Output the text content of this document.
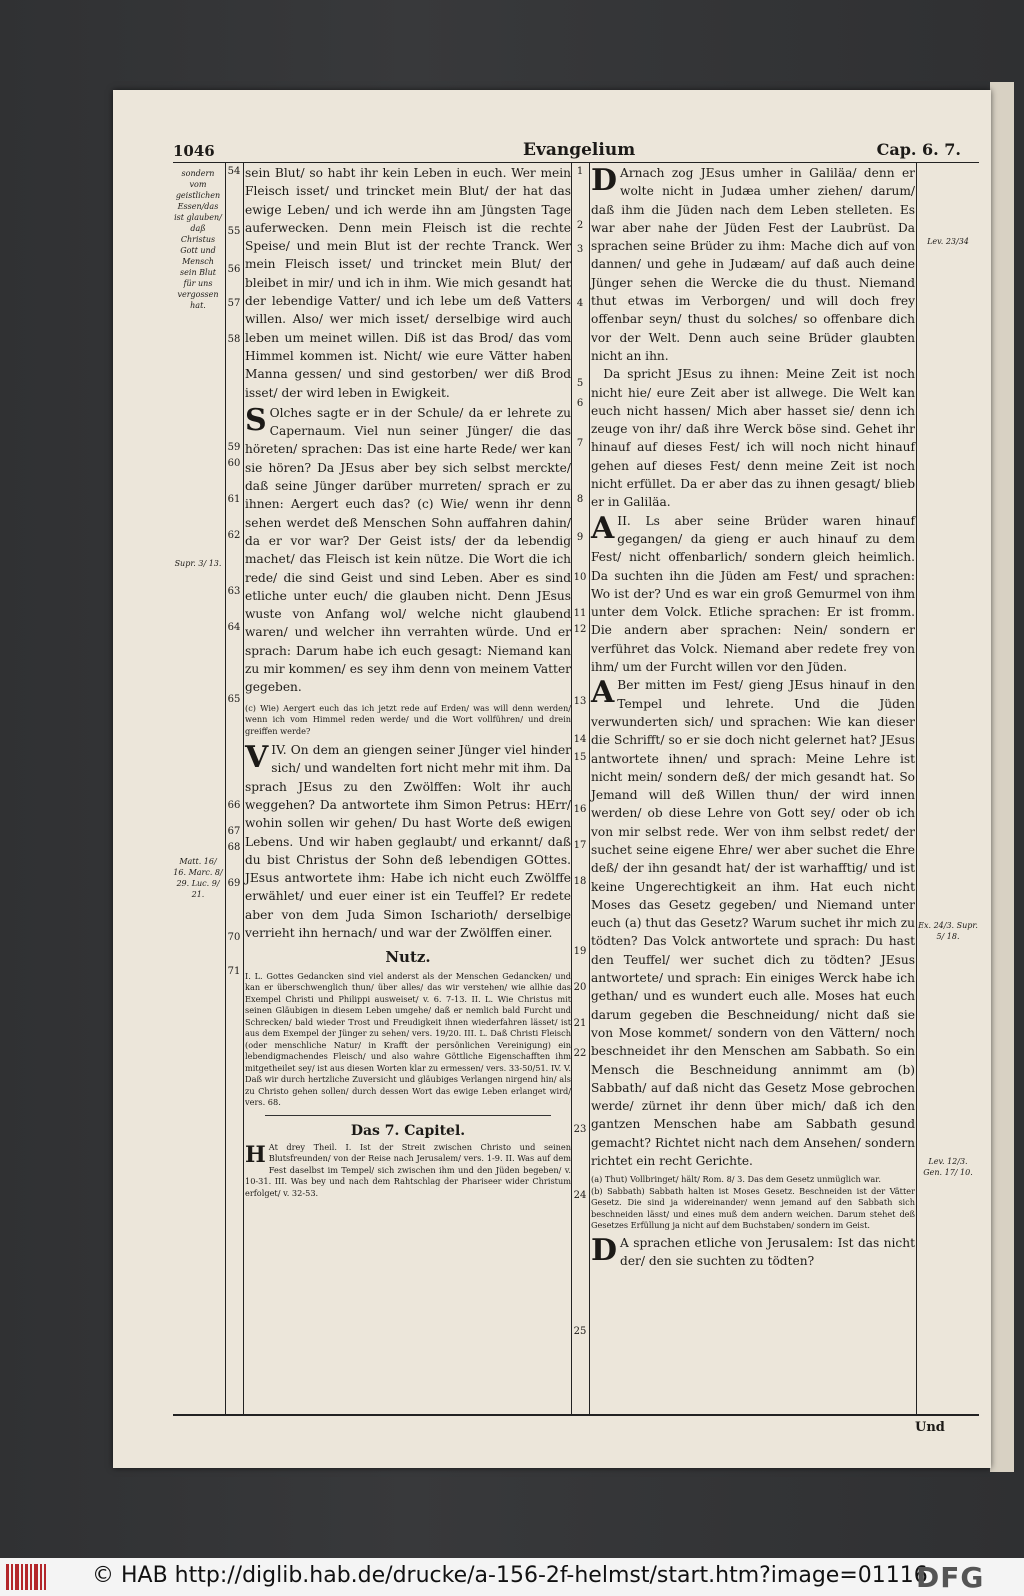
1046	Evangelium	Cap. 6. 7.
sondern vom geistlichen Essen/das ist glauben/ daß Christus Gott und Mensch sein Blut für uns vergossen hat.
Supr. 3/ 13.
Matt. 16/ 16. Marc. 8/ 29. Luc. 9/ 21.
Lev. 23/34
Ex. 24/3. Supr. 5/ 18.
Lev. 12/3. Gen. 17/ 10.
54
55
56
57
58
59
60
61
62
63
64
65
66
67
68
69
70
71
1
2
3
4
5
6
7
8
9
10
11
12
13
14
15
16
17
18
19
20
21
22
23
24
25

sein Blut/ so habt ihr kein Leben in euch. Wer mein Fleisch isset/ und trincket mein Blut/ der hat das ewige Leben/ und ich werde ihn am Jüngsten Tage auferwecken. Denn mein Fleisch ist die rechte Speise/ und mein Blut ist der rechte Tranck. Wer mein Fleisch isset/ und trincket mein Blut/ der bleibet in mir/ und ich in ihm. Wie mich gesandt hat der lebendige Vatter/ und ich lebe um deß Vatters willen. Also/ wer mich isset/ derselbige wird auch leben um meinet willen. Diß ist das Brod/ das vom Himmel kommen ist. Nicht/ wie eure Vätter haben Manna gessen/ und sind gestorben/ wer diß Brod isset/ der wird leben in Ewigkeit.

S Olches sagte er in der Schule/ da er lehrete zu Capernaum. Viel nun seiner Jünger/ die das höreten/ sprachen: Das ist eine harte Rede/ wer kan sie hören? Da JEsus aber bey sich selbst merckte/ daß seine Jünger darüber murreten/ sprach er zu ihnen: Aergert euch das? (c) Wie/ wenn ihr denn sehen werdet deß Menschen Sohn auffahren dahin/ da er vor war? Der Geist ists/ der da lebendig machet/ das Fleisch ist kein nütze. Die Wort die ich rede/ die sind Geist und sind Leben. Aber es sind etliche unter euch/ die glauben nicht. Denn JEsus wuste von Anfang wol/ welche nicht glaubend waren/ und welcher ihn verrahten würde. Und er sprach: Darum habe ich euch gesagt: Niemand kan zu mir kommen/ es sey ihm denn von meinem Vatter gegeben.

(c) Wie) Aergert euch das ich jetzt rede auf Erden/ was will denn werden/ wenn ich vom Himmel reden werde/ und die Wort vollführen/ und drein greiffen werde?

IV.
V On dem an giengen seiner Jünger viel hinder sich/ und wandelten fort nicht mehr mit ihm. Da sprach JEsus zu den Zwölffen: Wolt ihr auch weggehen? Da antwortete ihm Simon Petrus: HErr/ wohin sollen wir gehen/ Du hast Worte deß ewigen Lebens. Und wir haben geglaubt/ und erkannt/ daß du bist Christus der Sohn deß lebendigen GOttes. JEsus antwortete ihm: Habe ich nicht euch Zwölffe erwählet/ und euer einer ist ein Teuffel? Er redete aber von dem Juda Simon Ischarioth/ derselbige verrieht ihn hernach/ und war der Zwölffen einer.

Nutz.

I. L. Gottes Gedancken sind viel anderst als der Menschen Gedancken/ und kan er überschwenglich thun/ über alles/ das wir verstehen/ wie allhie das Exempel Christi und Philippi ausweiset/ v. 6. 7-13. II. L. Wie Christus mit seinen Gläubigen in diesem Leben umgehe/ daß er nemlich bald Furcht und Schrecken/ bald wieder Trost und Freudigkeit ihnen wiederfahren lässet/ ist aus dem Exempel der Jünger zu sehen/ vers. 19/20. III. L. Daß Christi Fleisch (oder menschliche Natur/ in Krafft der persönlichen Vereinigung) ein lebendigmachendes Fleisch/ und also wahre Göttliche Eigenschafften ihm mitgetheilet sey/ ist aus diesen Worten klar zu ermessen/ vers. 33-50/51. IV. V. Daß wir durch hertzliche Zuversicht und gläubiges Verlangen nirgend hin/ als zu Christo gehen sollen/ durch dessen Wort das ewige Leben erlanget wird/ vers. 68.

Das 7. Capitel.

H At drey Theil. I. Ist der Streit zwischen Christo und seinen Blutsfreunden/ von der Reise nach Jerusalem/ vers. 1-9. II. Was auf dem Fest daselbst im Tempel/ sich zwischen ihm und den Jüden begeben/ v. 10-31. III. Was bey und nach dem Rahtschlag der Phariseer wider Christum erfolget/ v. 32-53.

D Arnach zog JEsus umher in Galiläa/ denn er wolte nicht in Judæa umher ziehen/ darum/ daß ihm die Jüden nach dem Leben stelleten. Es war aber nahe der Jüden Fest der Laubrüst. Da sprachen seine Brüder zu ihm: Mache dich auf von dannen/ und gehe in Judæam/ auf daß auch deine Jünger sehen die Wercke die du thust. Niemand thut etwas im Verborgen/ und will doch frey offenbar seyn/ thust du solches/ so offenbare dich vor der Welt. Denn auch seine Brüder glaubten nicht an ihn.

Da spricht JEsus zu ihnen: Meine Zeit ist noch nicht hie/ eure Zeit aber ist allwege. Die Welt kan euch nicht hassen/ Mich aber hasset sie/ denn ich zeuge von ihr/ daß ihre Werck böse sind. Gehet ihr hinauf auf dieses Fest/ ich will noch nicht hinauf gehen auf dieses Fest/ denn meine Zeit ist noch nicht erfüllet. Da er aber das zu ihnen gesagt/ blieb er in Galiläa.

II.
A	Ls aber seine Brüder waren hinauf gegangen/ da gieng er auch hinauf zu dem Fest/ nicht offenbarlich/ sondern gleich heimlich. Da suchten ihn die Jüden am Fest/ und sprachen: Wo ist der? Und es war ein groß Gemurmel von ihm unter dem Volck. Etliche sprachen: Er ist fromm. Die andern aber sprachen: Nein/ sondern er verführet das Volck. Niemand aber redete frey von ihm/ um der Furcht willen vor den Jüden.

A Ber mitten im Fest/ gieng JEsus hinauf in den Tempel und lehrete. Und die Jüden verwunderten sich/ und sprachen: Wie kan dieser die Schrifft/ so er sie doch nicht gelernet hat? JEsus antwortete ihnen/ und sprach: Meine Lehre ist nicht mein/ sondern deß/ der mich gesandt hat. So Jemand will deß Willen thun/ der wird innen werden/ ob diese Lehre von Gott sey/ oder ob ich von mir selbst rede. Wer von ihm selbst redet/ der suchet seine eigene Ehre/ wer aber suchet die Ehre deß/ der ihn gesandt hat/ der ist warhafftig/ und ist keine Ungerechtigkeit an ihm. Hat euch nicht Moses das Gesetz gegeben/ und Niemand unter euch (a) thut das Gesetz? Warum suchet ihr mich zu tödten? Das Volck antwortete und sprach: Du hast den Teuffel/ wer suchet dich zu tödten? JEsus antwortete/ und sprach: Ein einiges Werck habe ich gethan/ und es wundert euch alle. Moses hat euch darum gegeben die Beschneidung/ nicht daß sie von Mose kommet/ sondern von den Vättern/ noch beschneidet ihr den Menschen am Sabbath. So ein Mensch die Beschneidung annimmt am (b) Sabbath/ auf daß nicht das Gesetz Mose gebrochen werde/ zürnet ihr denn über mich/ daß ich den gantzen Menschen habe am Sabbath gesund gemacht? Richtet nicht nach dem Ansehen/ sondern richtet ein recht Gerichte.

(a) Thut) Vollbringet/ hält/ Rom. 8/ 3. Das dem Gesetz unmüglich war.

(b) Sabbath) Sabbath halten ist Moses Gesetz. Beschneiden ist der Vätter Gesetz. Die sind ja widereinander/ wenn jemand auf den Sabbath sich beschneiden lässt/ und eines muß dem andern weichen. Darum stehet deß Gesetzes Erfüllung ja nicht auf dem Buchstaben/ sondern im Geist.

D A sprachen etliche von Jerusalem: Ist das nicht der/ den sie suchten zu tödten?

Und
© HAB http://diglib.hab.de/drucke/a-156-2f-helmst/start.htm?image=01116
DFG
